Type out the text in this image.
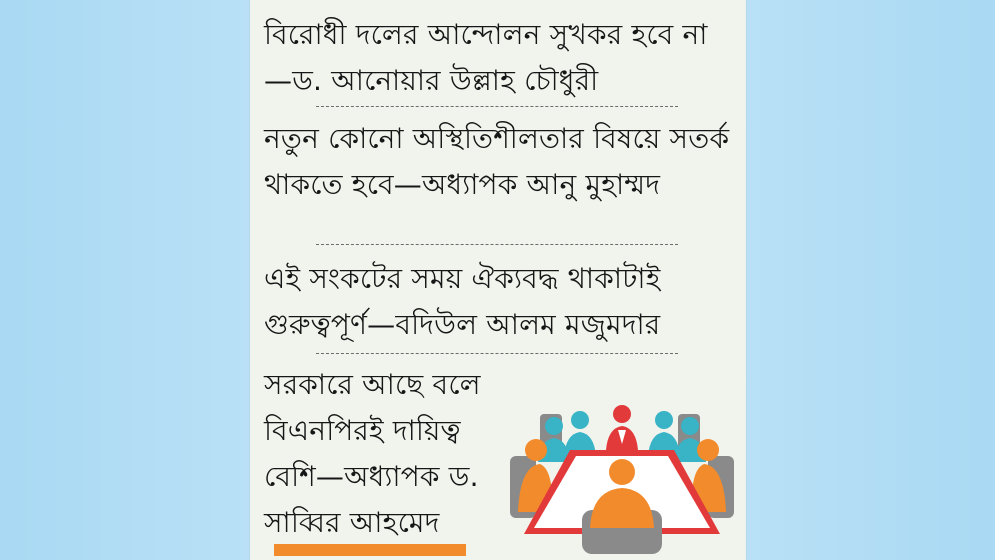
বিরোধী দলের আন্দোলন সুখকর হবে না—ড. আনোয়ার উল্লাহ চৌধুরী

নতুন কোনো অস্থিতিশীলতার বিষয়ে সতর্ক থাকতে হবে—অধ্যাপক আনু মুহাম্মদ

এই সংকটের সময় ঐক্যবদ্ধ থাকাটাই গুরুত্বপূর্ণ—বদিউল আলম মজুমদার

সরকারে আছে বলে বিএনপিরই দায়িত্ব বেশি—অধ্যাপক ড. সাব্বির আহমেদ
